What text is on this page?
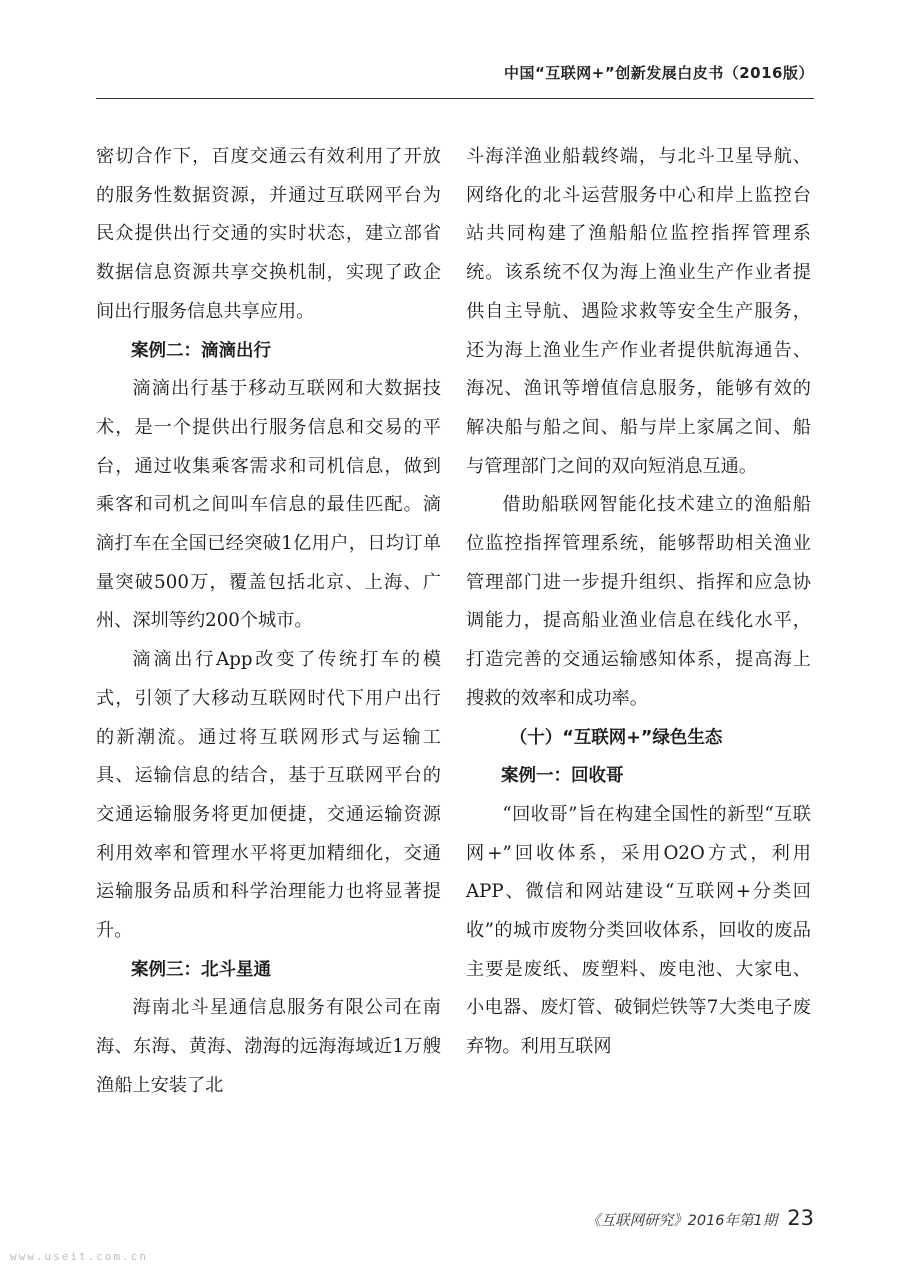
中国“互联网+”创新发展白皮书（2016版）

密切合作下，百度交通云有效利用了开放的服务性数据资源，并通过互联网平台为民众提供出行交通的实时状态，建立部省数据信息资源共享交换机制，实现了政企间出行服务信息共享应用。

案例二：滴滴出行

滴滴出行基于移动互联网和大数据技术，是一个提供出行服务信息和交易的平台，通过收集乘客需求和司机信息，做到乘客和司机之间叫车信息的最佳匹配。滴滴打车在全国已经突破1亿用户，日均订单量突破500万，覆盖包括北京、上海、广州、深圳等约200个城市。

滴滴出行App改变了传统打车的模式，引领了大移动互联网时代下用户出行的新潮流。通过将互联网形式与运输工具、运输信息的结合，基于互联网平台的交通运输服务将更加便捷，交通运输资源利用效率和管理水平将更加精细化，交通运输服务品质和科学治理能力也将显著提升。

案例三：北斗星通

海南北斗星通信息服务有限公司在南海、东海、黄海、渤海的远海海域近1万艘渔船上安装了北

斗海洋渔业船载终端，与北斗卫星导航、网络化的北斗运营服务中心和岸上监控台站共同构建了渔船船位监控指挥管理系统。该系统不仅为海上渔业生产作业者提供自主导航、遇险求救等安全生产服务，还为海上渔业生产作业者提供航海通告、海况、渔讯等增值信息服务，能够有效的解决船与船之间、船与岸上家属之间、船与管理部门之间的双向短消息互通。

借助船联网智能化技术建立的渔船船位监控指挥管理系统，能够帮助相关渔业管理部门进一步提升组织、指挥和应急协调能力，提高船业渔业信息在线化水平，打造完善的交通运输感知体系，提高海上搜救的效率和成功率。

（十）“互联网+”绿色生态

案例一：回收哥

“回收哥”旨在构建全国性的新型“互联网+”回收体系，采用O2O方式，利用APP、微信和网站建设“互联网+分类回收”的城市废物分类回收体系，回收的废品主要是废纸、废塑料、废电池、大家电、小电器、废灯管、破铜烂铁等7大类电子废弃物。利用互联网

《互联网研究》2016年第1期 23
www.useit.com.cn
